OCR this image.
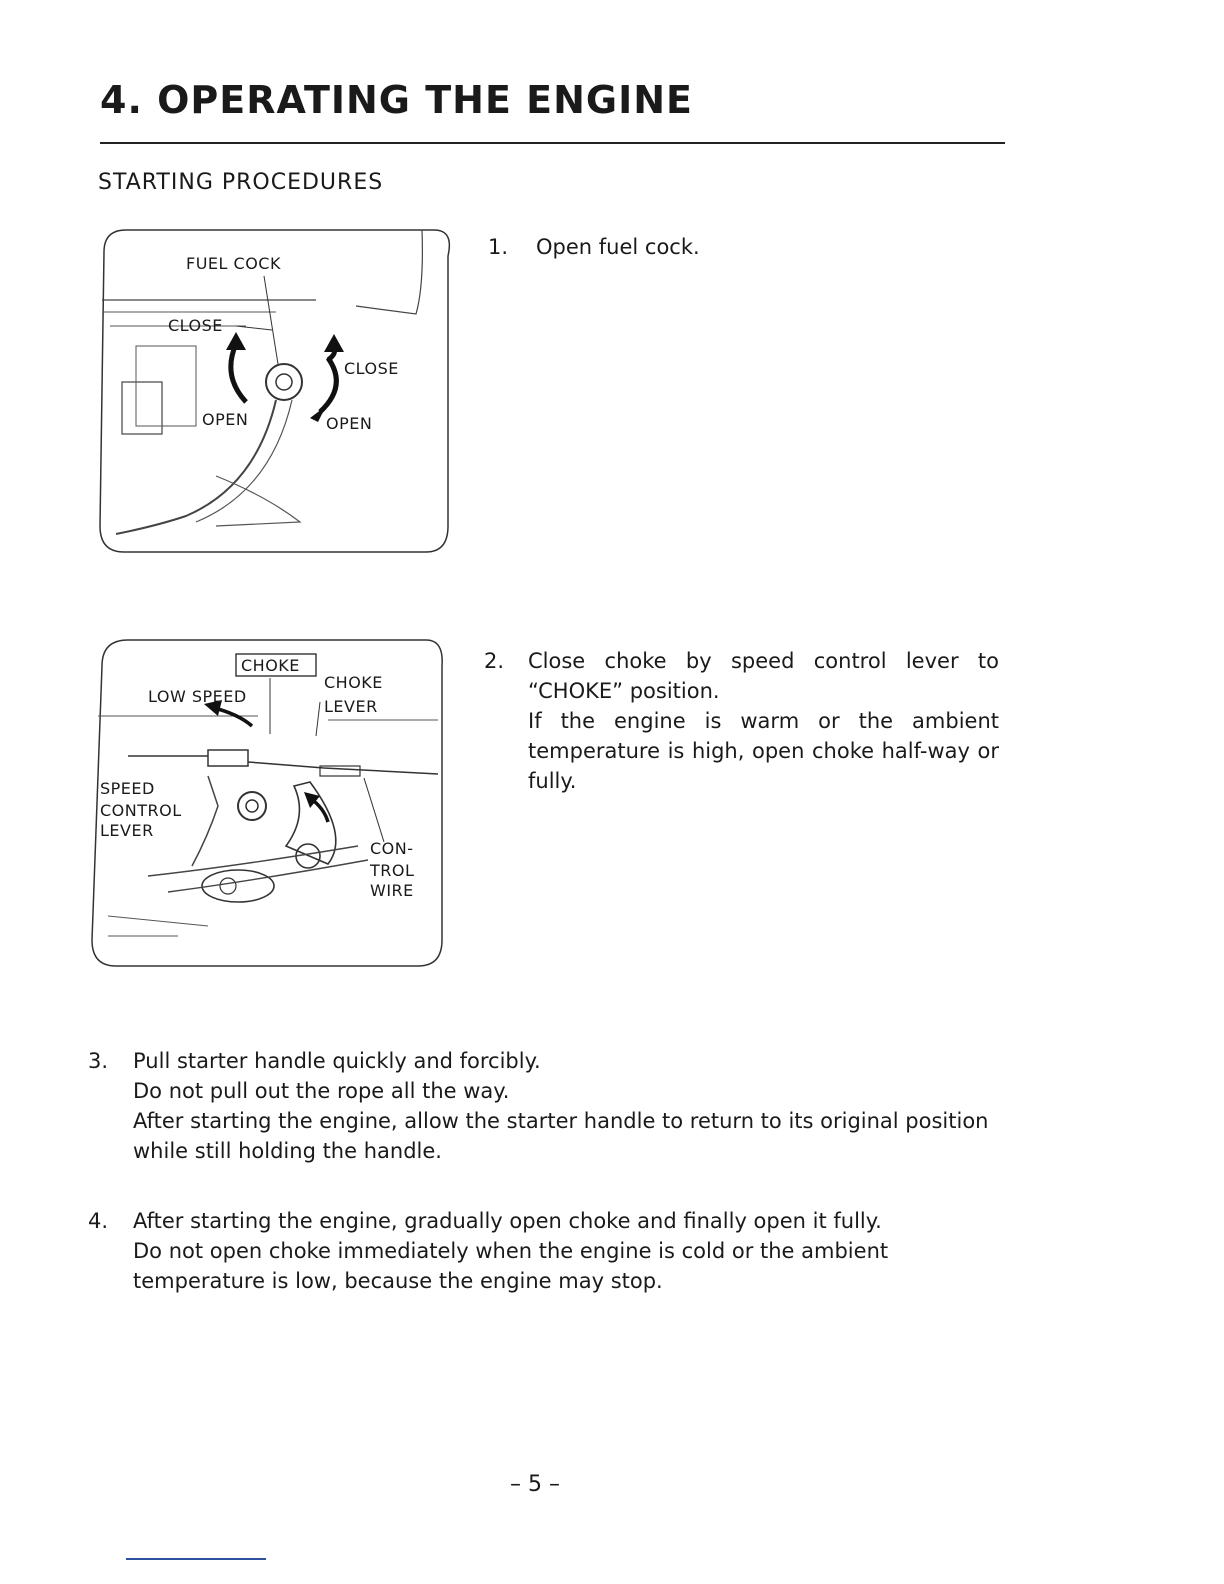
4. OPERATING THE ENGINE
STARTING PROCEDURES
FUEL COCK
CLOSE
CLOSE
OPEN	OPEN
1. Open fuel cock.

CHOKE
CHOKE
LEVER
LOW SPEED
SPEED
CONTROL
LEVER
CON-
TROL
WIRE
2. Close choke by speed control lever to “CHOKE” position.

If the engine is warm or the ambient temperature is high, open choke half-way or fully.

3. Pull starter handle quickly and forcibly.

Do not pull out the rope all the way.

After starting the engine, allow the starter handle to return to its original position while still holding the handle.

4. After starting the engine, gradually open choke and finally open it fully.

Do not open choke immediately when the engine is cold or the ambient temperature is low, because the engine may stop.

– 5 –
